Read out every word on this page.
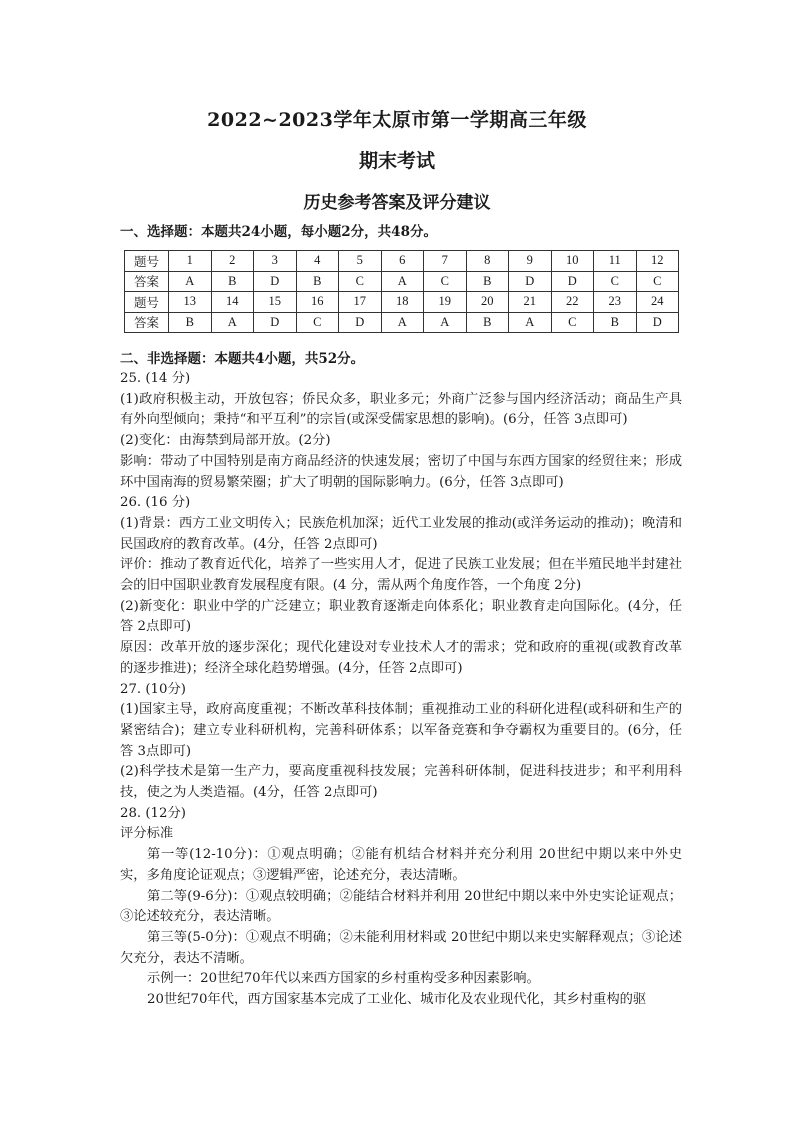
2022~2023学年太原市第一学期高三年级
期末考试
历史参考答案及评分建议
一、选择题：本题共24小题，每小题2分，共48分。
题号	1	2	3	4	5	6	7	8	9	10	11	12
答案	A	B	D	B	C	A	C	B	D	D	C	C
题号	13	14	15	16	17	18	19	20	21	22	23	24
答案	B	A	D	C	D	A	A	B	A	C	B	D
二、非选择题：本题共4小题，共52分。

25. (14 分)

(1)政府积极主动，开放包容；侨民众多，职业多元；外商广泛参与国内经济活动；商品生产具有外向型倾向；秉持“和平互利”的宗旨(或深受儒家思想的影响)。(6分，任答 3点即可)

(2)变化：由海禁到局部开放。(2分)

影响：带动了中国特别是南方商品经济的快速发展；密切了中国与东西方国家的经贸往来；形成环中国南海的贸易繁荣圈；扩大了明朝的国际影响力。(6分，任答 3点即可)

26. (16 分)

(1)背景：西方工业文明传入；民族危机加深；近代工业发展的推动(或洋务运动的推动)；晚清和民国政府的教育改革。(4分，任答 2点即可)

评价：推动了教育近代化，培养了一些实用人才，促进了民族工业发展；但在半殖民地半封建社会的旧中国职业教育发展程度有限。(4 分，需从两个角度作答，一个角度 2分)

(2)新变化：职业中学的广泛建立；职业教育逐渐走向体系化；职业教育走向国际化。(4分，任答 2点即可)

原因：改革开放的逐步深化；现代化建设对专业技术人才的需求；党和政府的重视(或教育改革的逐步推进)；经济全球化趋势增强。(4分，任答 2点即可)

27. (10分)

(1)国家主导，政府高度重视；不断改革科技体制；重视推动工业的科研化进程(或科研和生产的紧密结合)；建立专业科研机构，完善科研体系；以军备竞赛和争夺霸权为重要目的。(6分，任答 3点即可)

(2)科学技术是第一生产力，要高度重视科技发展；完善科研体制，促进科技进步；和平利用科技，使之为人类造福。(4分，任答 2点即可)

28. (12分)

评分标准

第一等(12-10分)：①观点明确；②能有机结合材料并充分利用 20世纪中期以来中外史实，多角度论证观点；③逻辑严密，论述充分，表达清晰。

第二等(9-6分)：①观点较明确；②能结合材料并利用 20世纪中期以来中外史实论证观点；③论述较充分，表达清晰。

第三等(5-0分)：①观点不明确；②未能利用材料或 20世纪中期以来史实解释观点；③论述欠充分，表达不清晰。

示例一：20世纪70年代以来西方国家的乡村重构受多种因素影响。

20世纪70年代，西方国家基本完成了工业化、城市化及农业现代化，其乡村重构的驱
